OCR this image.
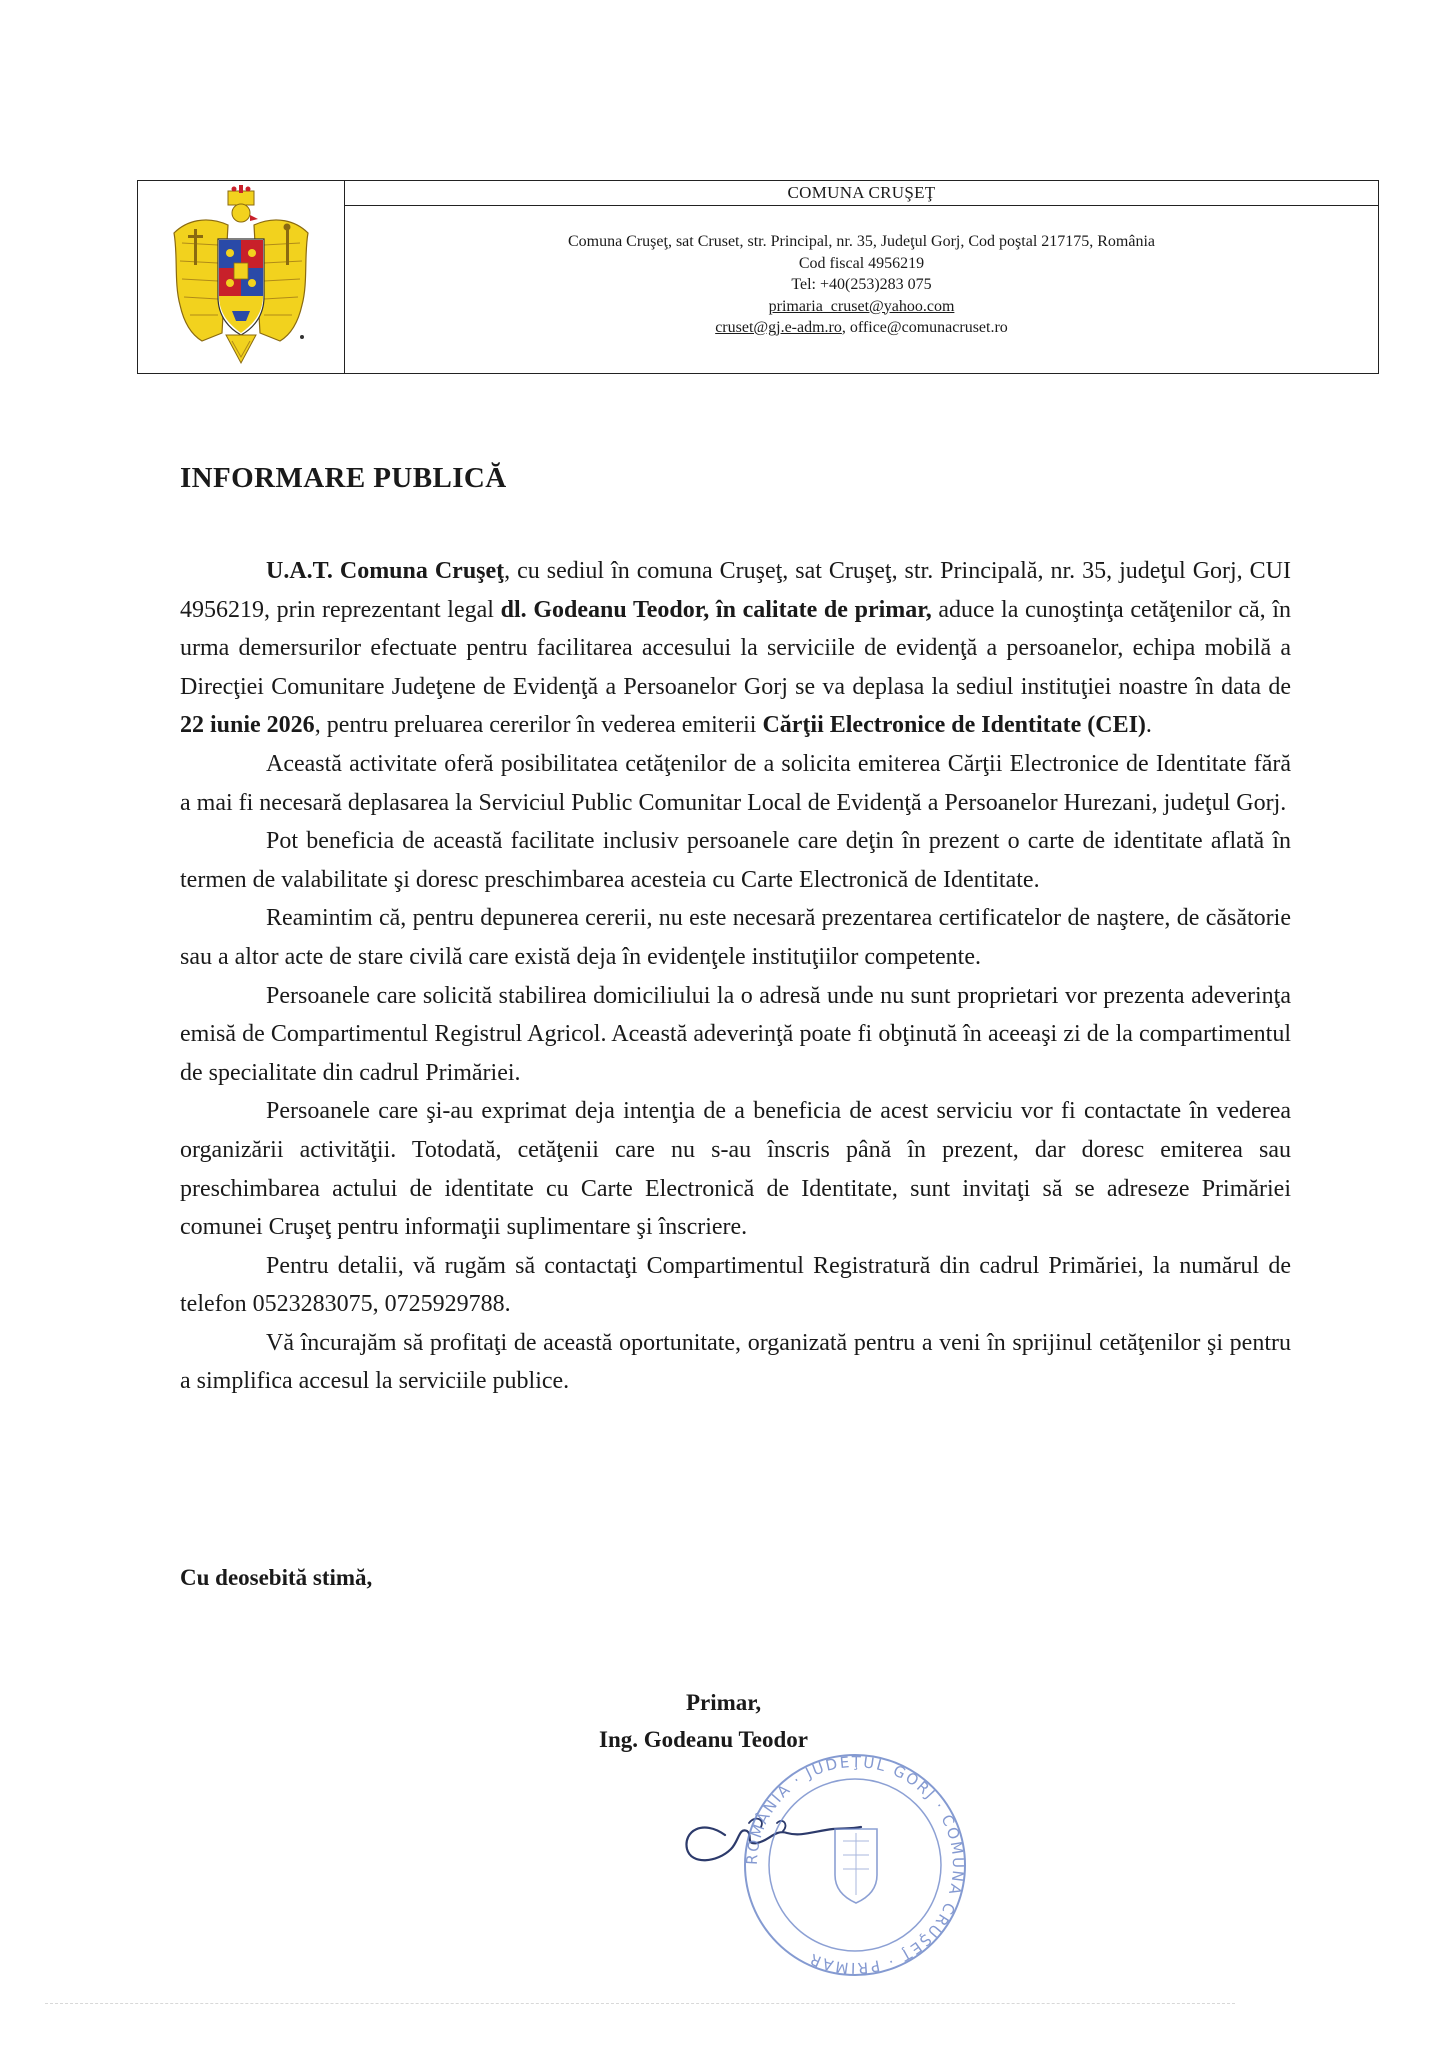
COMUNA CRUŞEŢ
Comuna Cruşeţ, sat Cruset, str. Principal, nr. 35, Judeţul Gorj, Cod poştal 217175, România
Cod fiscal 4956219
Tel: +40(253)283 075
primaria_cruset@yahoo.com
cruset@gj.e-adm.ro, office@comunacruset.ro
INFORMARE PUBLICĂ

U.A.T. Comuna Cruşeţ, cu sediul în comuna Cruşeţ, sat Cruşeţ, str. Principală, nr. 35, judeţul Gorj, CUI 4956219, prin reprezentant legal dl. Godeanu Teodor, în calitate de primar, aduce la cunoştinţa cetăţenilor că, în urma demersurilor efectuate pentru facilitarea accesului la serviciile de evidenţă a persoanelor, echipa mobilă a Direcţiei Comunitare Judeţene de Evidenţă a Persoanelor Gorj se va deplasa la sediul instituţiei noastre în data de 22 iunie 2026, pentru preluarea cererilor în vederea emiterii Cărţii Electronice de Identitate (CEI).

Această activitate oferă posibilitatea cetăţenilor de a solicita emiterea Cărţii Electronice de Identitate fără a mai fi necesară deplasarea la Serviciul Public Comunitar Local de Evidenţă a Persoanelor Hurezani, judeţul Gorj.

Pot beneficia de această facilitate inclusiv persoanele care deţin în prezent o carte de identitate aflată în termen de valabilitate şi doresc preschimbarea acesteia cu Carte Electronică de Identitate.

Reamintim că, pentru depunerea cererii, nu este necesară prezentarea certificatelor de naştere, de căsătorie sau a altor acte de stare civilă care există deja în evidenţele instituţiilor competente.

Persoanele care solicită stabilirea domiciliului la o adresă unde nu sunt proprietari vor prezenta adeverinţa emisă de Compartimentul Registrul Agricol. Această adeverinţă poate fi obţinută în aceeaşi zi de la compartimentul de specialitate din cadrul Primăriei.

Persoanele care şi-au exprimat deja intenţia de a beneficia de acest serviciu vor fi contactate în vederea organizării activităţii. Totodată, cetăţenii care nu s-au înscris până în prezent, dar doresc emiterea sau preschimbarea actului de identitate cu Carte Electronică de Identitate, sunt invitaţi să se adreseze Primăriei comunei Cruşeţ pentru informaţii suplimentare şi înscriere.

Pentru detalii, vă rugăm să contactaţi Compartimentul Registratură din cadrul Primăriei, la numărul de telefon 0523283075, 0725929788.

Vă încurajăm să profitaţi de această oportunitate, organizată pentru a veni în sprijinul cetăţenilor şi pentru a simplifica accesul la serviciile publice.

Cu deosebită stimă,
Primar,
Ing. Godeanu Teodor
ROMÂNIA · JUDEŢUL GORJ · COMUNA CRUŞEŢ · PRIMAR
